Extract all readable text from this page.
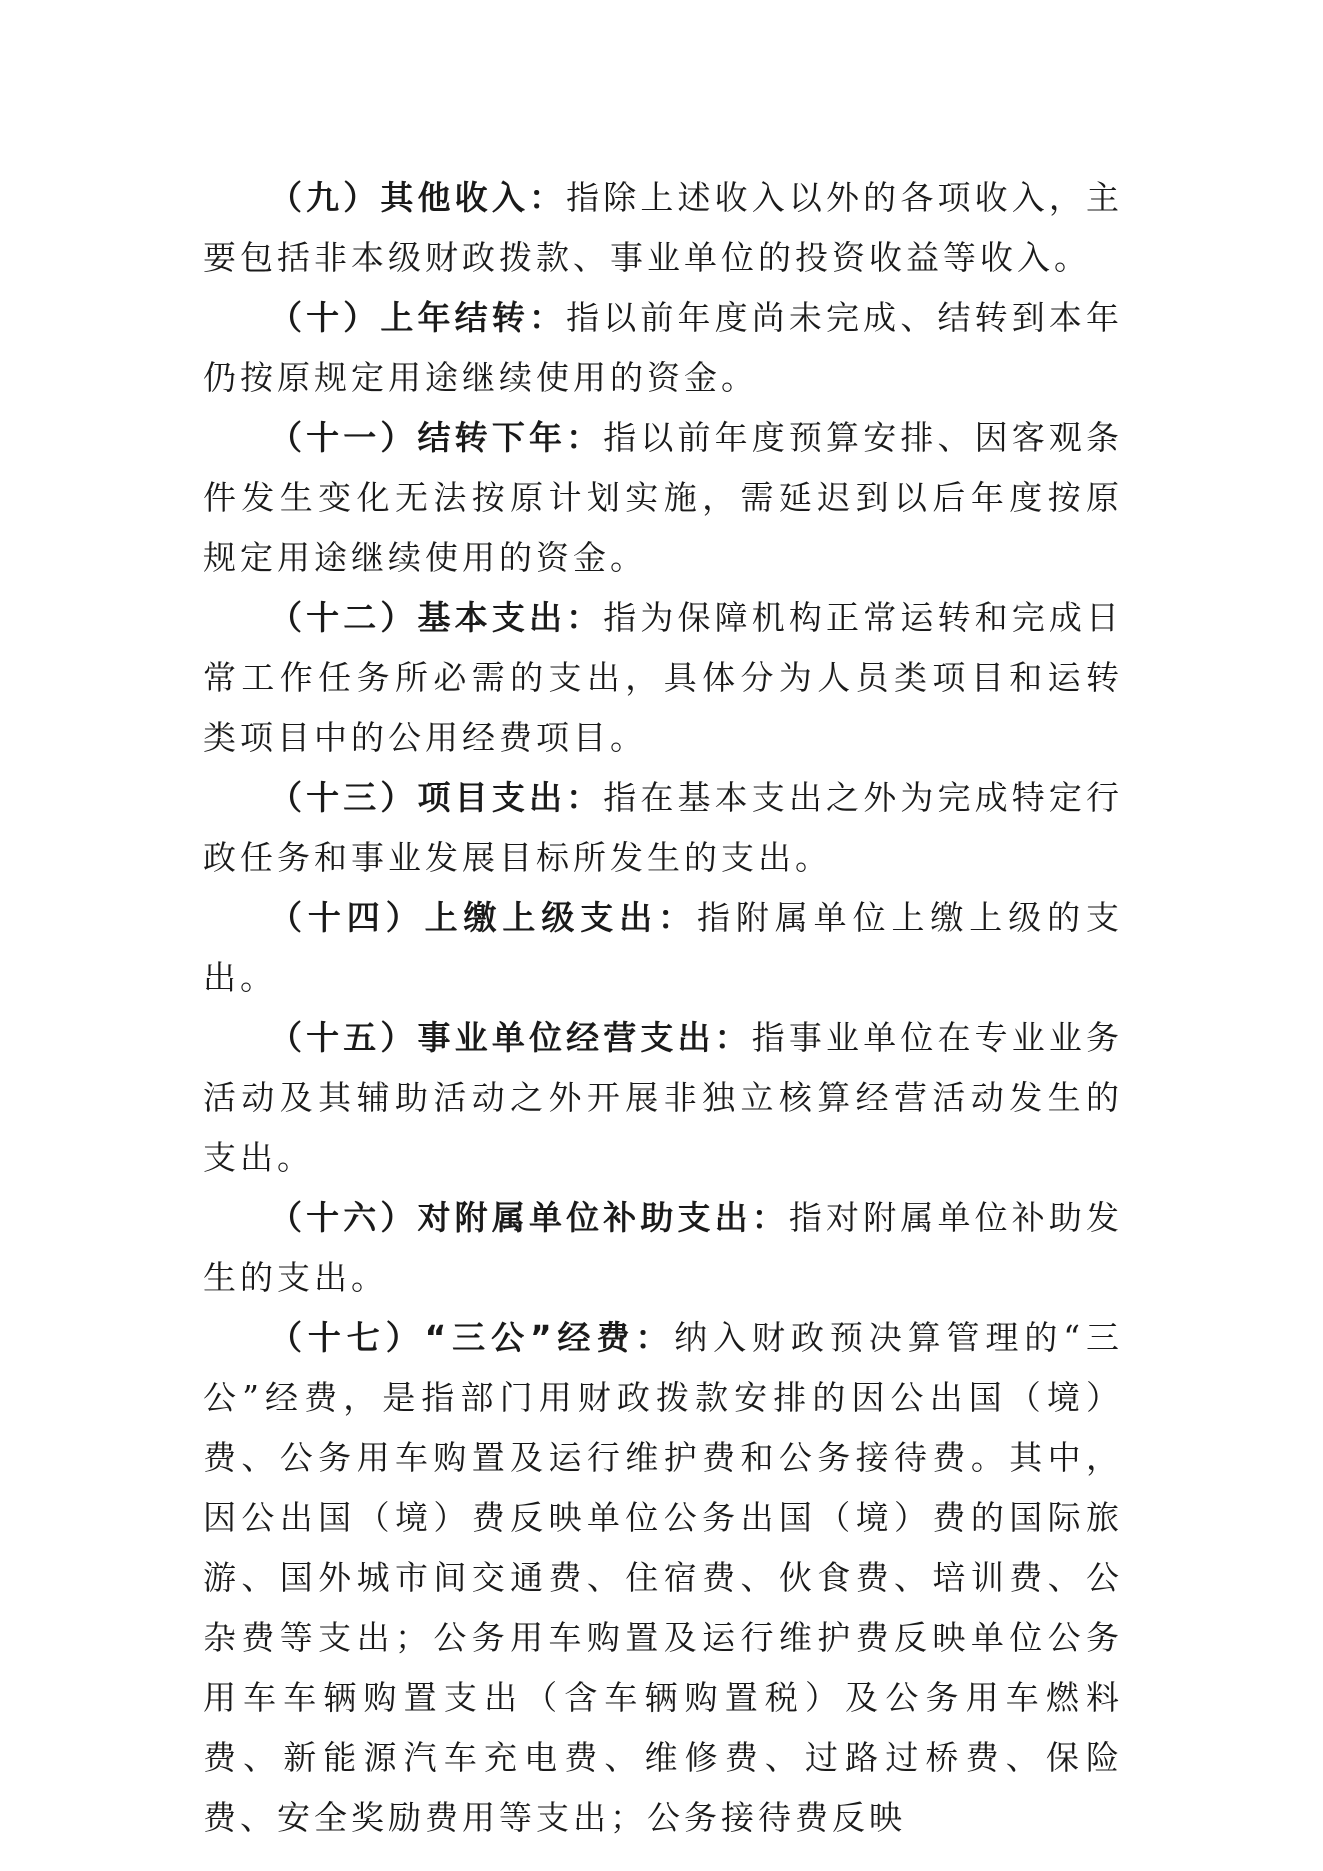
（九）其他收入：指除上述收入以外的各项收入，主要包括非本级财政拨款、事业单位的投资收益等收入。

（十）上年结转：指以前年度尚未完成、结转到本年仍按原规定用途继续使用的资金。

（十一）结转下年：指以前年度预算安排、因客观条件发生变化无法按原计划实施，需延迟到以后年度按原规定用途继续使用的资金。

（十二）基本支出：指为保障机构正常运转和完成日常工作任务所必需的支出，具体分为人员类项目和运转类项目中的公用经费项目。

（十三）项目支出：指在基本支出之外为完成特定行政任务和事业发展目标所发生的支出。

（十四）上缴上级支出：指附属单位上缴上级的支出。

（十五）事业单位经营支出：指事业单位在专业业务活动及其辅助活动之外开展非独立核算经营活动发生的支出。

（十六）对附属单位补助支出：指对附属单位补助发生的支出。

（十七）“三公”经费：纳入财政预决算管理的“三公”经费，是指部门用财政拨款安排的因公出国（境）费、公务用车购置及运行维护费和公务接待费。其中，因公出国（境）费反映单位公务出国（境）费的国际旅游、国外城市间交通费、住宿费、伙食费、培训费、公杂费等支出；公务用车购置及运行维护费反映单位公务用车车辆购置支出（含车辆购置税）及公务用车燃料费、新能源汽车充电费、维修费、过路过桥费、保险费、安全奖励费用等支出；公务接待费反映
